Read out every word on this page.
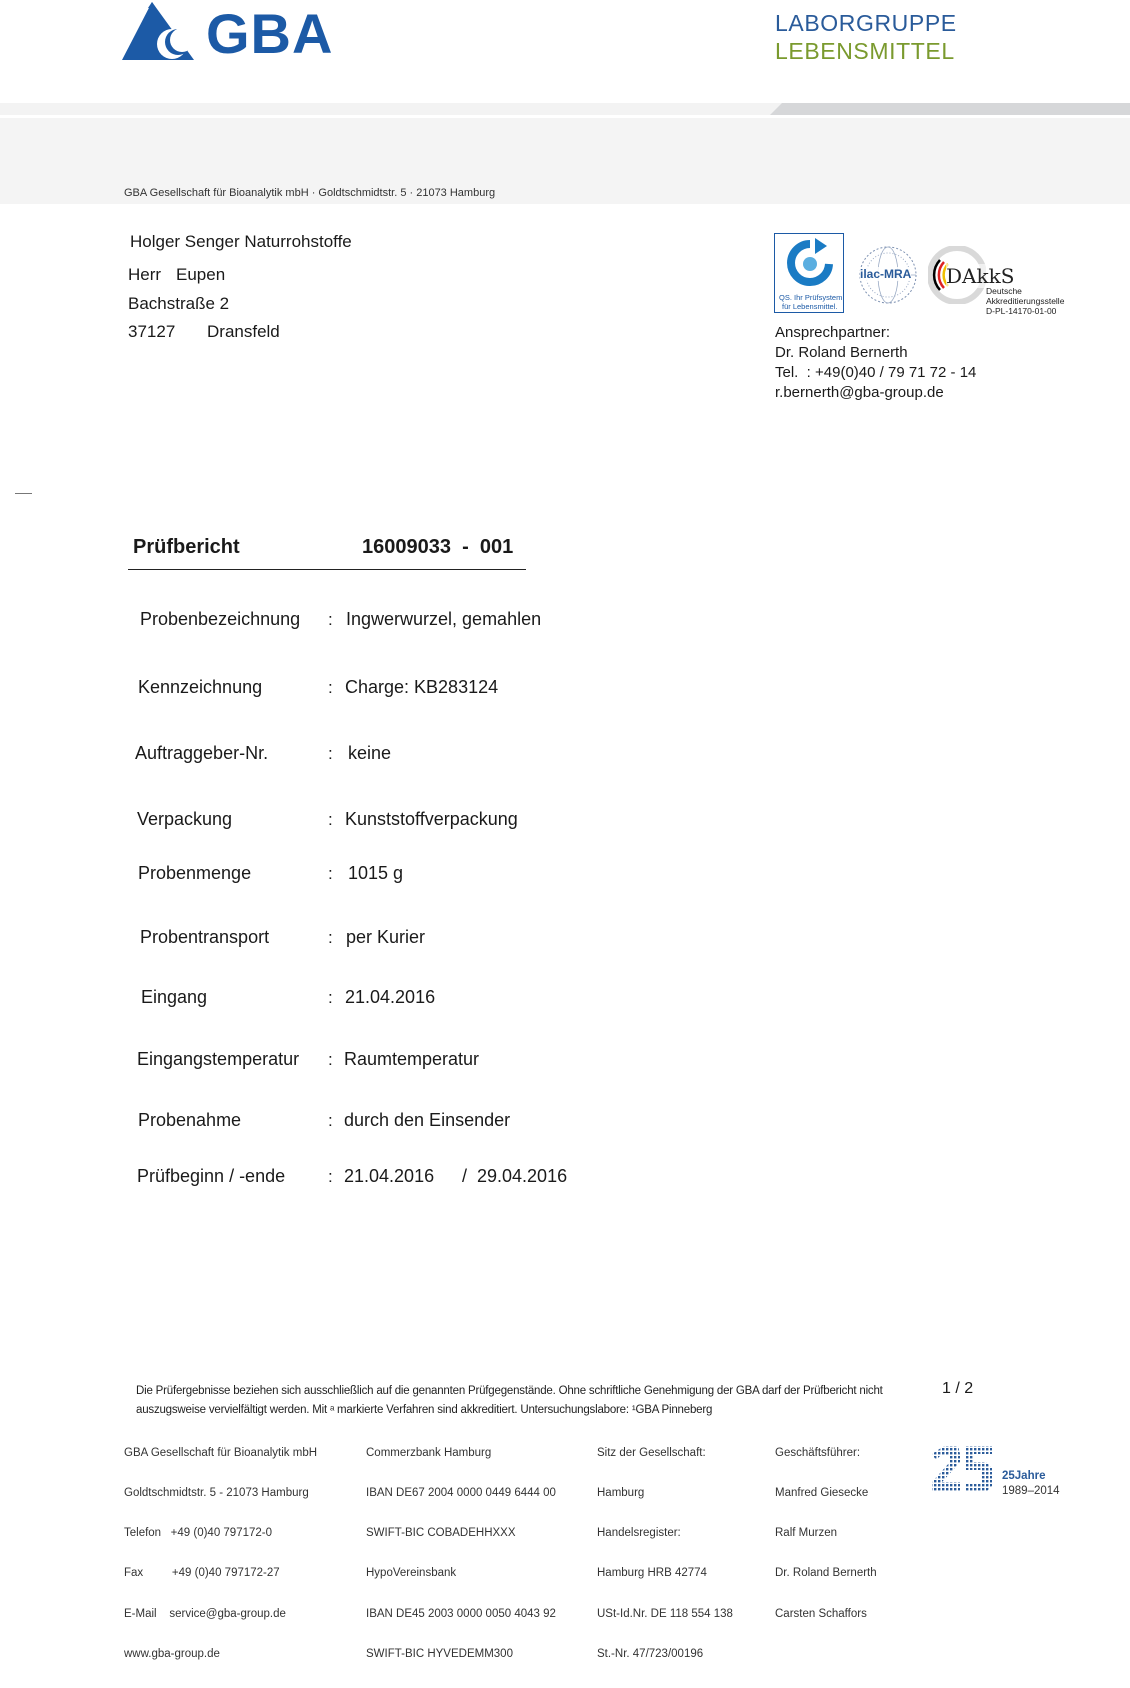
GBA	LABORGRUPPE
LEBENSMITTEL
GBA Gesellschaft für Bioanalytik mbH · Goldtschmidtstr. 5 · 21073 Hamburg
Holger Senger Naturrohstoffe
Herr Eupen
Bachstraße 2
37127 Dransfeld
QS. Ihr Prüfsystem
für Lebensmittel.
ilac-MRA DAkkS
Deutsche
Akkreditierungsstelle
D-PL-14170-01-00
Ansprechpartner:
Dr. Roland Bernerth
Tel.  : +49(0)40 / 79 71 72 - 14
r.bernerth@gba-group.de
Prüfbericht	16009033  -  001
Probenbezeichnung : Ingwerwurzel, gemahlen
Kennzeichnung	: Charge: KB283124
Auftraggeber-Nr.	: keine
Verpackung	: Kunststoffverpackung
Probenmenge	: 1015 g
Probentransport	: per Kurier
Eingang	: 21.04.2016
Eingangstemperatur : Raumtemperatur
Probenahme	: durch den Einsender
Prüfbeginn / -ende	: 21.04.2016 /  29.04.2016
Die Prüfergebnisse beziehen sich ausschließlich auf die genannten Prüfgegenstände. Ohne schriftliche Genehmigung der GBA darf der Prüfbericht nicht
auszugsweise vervielfältigt werden. Mit ᵃ markierte Verfahren sind akkreditiert. Untersuchungslabore: ¹GBA Pinneberg
1 / 2

GBA Gesellschaft für Bioanalytik mbH

Goldtschmidtstr. 5 - 21073 Hamburg

Telefon   +49 (0)40 797172-0

Fax         +49 (0)40 797172-27

E-Mail    service@gba-group.de

www.gba-group.de

Commerzbank Hamburg

IBAN DE67 2004 0000 0449 6444 00

SWIFT-BIC COBADEHHXXX

HypoVereinsbank

IBAN DE45 2003 0000 0050 4043 92

SWIFT-BIC HYVEDEMM300

Sitz der Gesellschaft:

Hamburg

Handelsregister:

Hamburg HRB 42774

USt-Id.Nr. DE 118 554 138

St.-Nr. 47/723/00196

Geschäftsführer:

Manfred Giesecke

Ralf Murzen

Dr. Roland Bernerth

Carsten Schaffors

25Jahre
1989–2014
